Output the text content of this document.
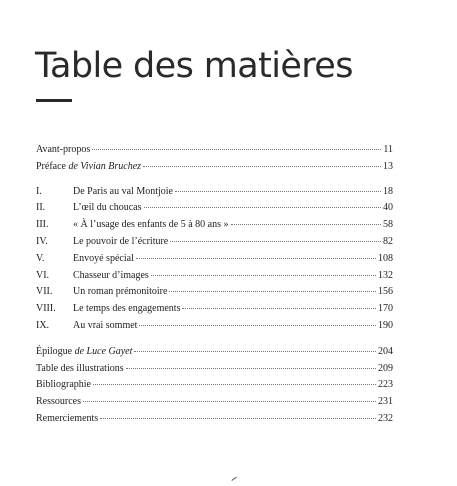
Table des matières
Avant-propos	11
Préface de Vivian Bruchez	13
I.	De Paris au val Montjoie	18
II.	L’œil du choucas	40
III.	« À l’usage des enfants de 5 à 80 ans »	58
IV.	Le pouvoir de l’écriture	82
V.	Envoyé spécial	108
VI.	Chasseur d’images	132
VII.	Un roman prémonitoire	156
VIII.	Le temps des engagements	170
IX.	Au vrai sommet	190
Épilogue de Luce Gayet	204
Table des illustrations	209
Bibliographie	223
Ressources	231
Remerciements	232
